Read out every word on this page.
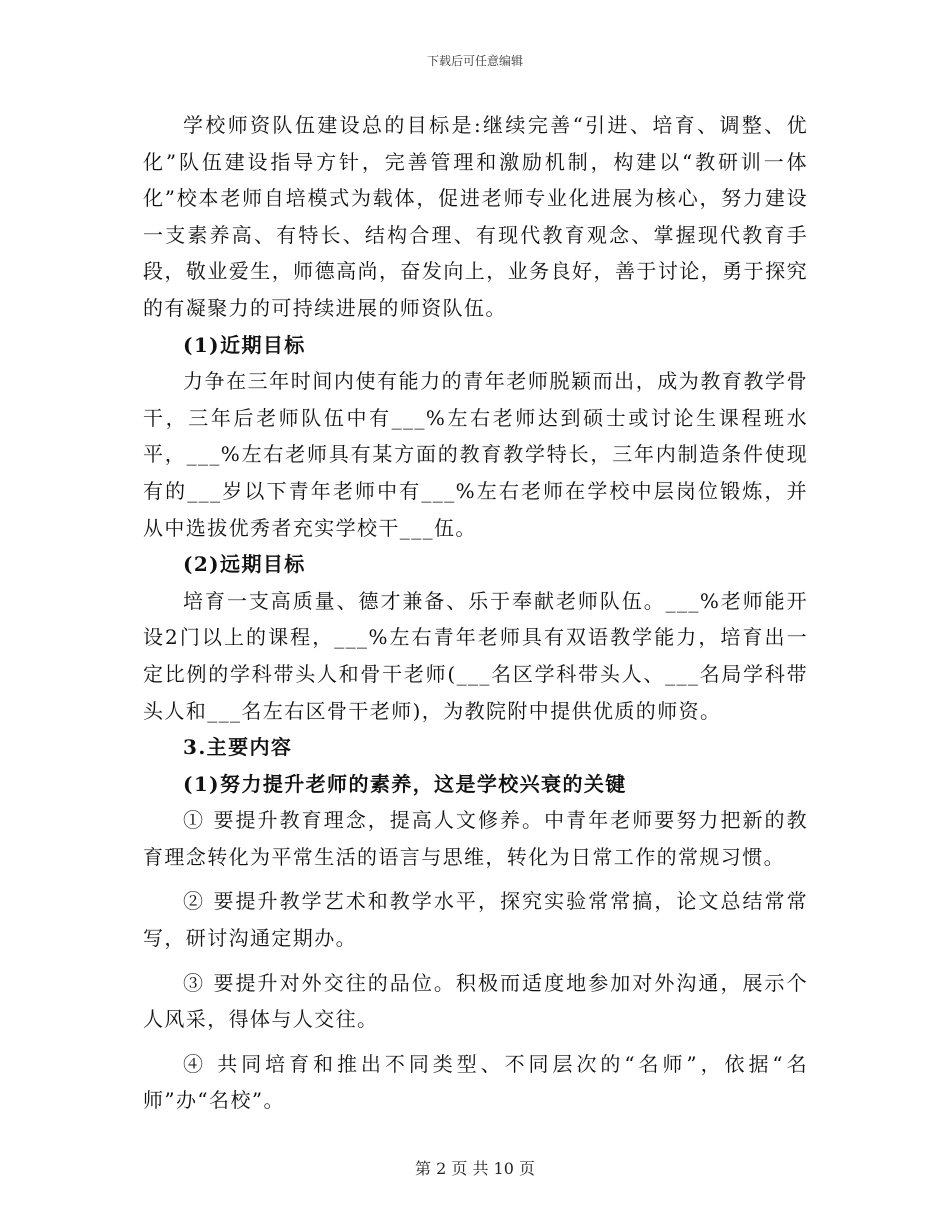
下载后可任意编辑

学校师资队伍建设总的目标是:继续完善“引进、培育、调整、优化”队伍建设指导方针，完善管理和激励机制，构建以“教研训一体化”校本老师自培模式为载体，促进老师专业化进展为核心，努力建设一支素养高、有特长、结构合理、有现代教育观念、掌握现代教育手段，敬业爱生，师德高尚，奋发向上，业务良好，善于讨论，勇于探究的有凝聚力的可持续进展的师资队伍。

(1)近期目标

力争在三年时间内使有能力的青年老师脱颖而出，成为教育教学骨干，三年后老师队伍中有___%左右老师达到硕士或讨论生课程班水平，___%左右老师具有某方面的教育教学特长，三年内制造条件使现有的___岁以下青年老师中有___%左右老师在学校中层岗位锻炼，并从中选拔优秀者充实学校干___伍。

(2)远期目标

培育一支高质量、德才兼备、乐于奉献老师队伍。___%老师能开设2门以上的课程，___%左右青年老师具有双语教学能力，培育出一定比例的学科带头人和骨干老师(___名区学科带头人、___名局学科带头人和___名左右区骨干老师)，为教院附中提供优质的师资。

3.主要内容

(1)努力提升老师的素养，这是学校兴衰的关键

① 要提升教育理念，提高人文修养。中青年老师要努力把新的教育理念转化为平常生活的语言与思维，转化为日常工作的常规习惯。

② 要提升教学艺术和教学水平，探究实验常常搞，论文总结常常写，研讨沟通定期办。

③ 要提升对外交往的品位。积极而适度地参加对外沟通，展示个人风采，得体与人交往。

④ 共同培育和推出不同类型、不同层次的“名师”，依据“名师”办“名校”。

第 2 页 共 10 页
